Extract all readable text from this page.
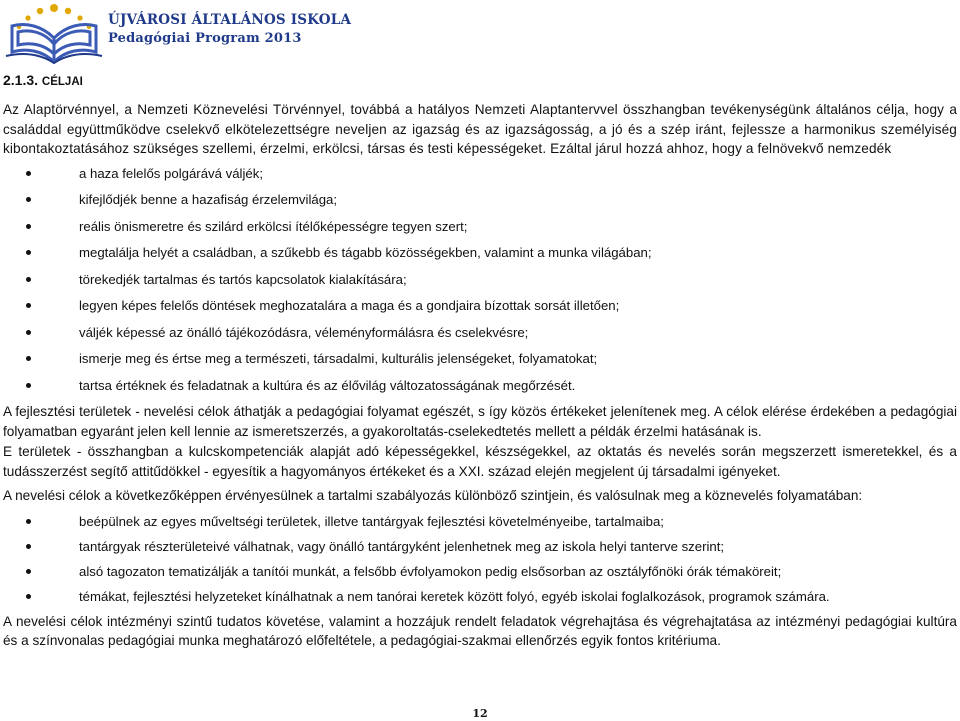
ÚJVÁROSI ÁLTALÁNOS ISKOLA
Pedagógiai Program 2013
2.1.3. CÉLJAI

Az Alaptörvénnyel, a Nemzeti Köznevelési Törvénnyel, továbbá a hatályos Nemzeti Alaptantervvel összhangban tevékenységünk általános célja, hogy a családdal együttműködve cselekvő elkötelezettségre neveljen az igazság és az igazságosság, a jó és a szép iránt, fejlessze a harmonikus személyiség kibontakoztatásához szükséges szellemi, érzelmi, erkölcsi, társas és testi képességeket. Ezáltal járul hozzá ahhoz, hogy a felnövekvő nemzedék

a haza felelős polgárává váljék;
kifejlődjék benne a hazafiság érzelemvilága;
reális önismeretre és szilárd erkölcsi ítélőképességre tegyen szert;
megtalálja helyét a családban, a szűkebb és tágabb közösségekben, valamint a munka világában;
törekedjék tartalmas és tartós kapcsolatok kialakítására;
legyen képes felelős döntések meghozatalára a maga és a gondjaira bízottak sorsát illetően;
váljék képessé az önálló tájékozódásra, véleményformálásra és cselekvésre;
ismerje meg és értse meg a természeti, társadalmi, kulturális jelenségeket, folyamatokat;
tartsa értéknek és feladatnak a kultúra és az élővilág változatosságának megőrzését.

A fejlesztési területek - nevelési célok áthatják a pedagógiai folyamat egészét, s így közös értékeket jelenítenek meg. A célok elérése érdekében a pedagógiai folyamatban egyaránt jelen kell lennie az ismeretszerzés, a gyakoroltatás-cselekedtetés mellett a példák érzelmi hatásának is.

E területek - összhangban a kulcskompetenciák alapját adó képességekkel, készségekkel, az oktatás és nevelés során megszerzett ismeretekkel, és a tudásszerzést segítő attitűdökkel - egyesítik a hagyományos értékeket és a XXI. század elején megjelent új társadalmi igényeket.

A nevelési célok a következőképpen érvényesülnek a tartalmi szabályozás különböző szintjein, és valósulnak meg a köznevelés folyamatában:

beépülnek az egyes műveltségi területek, illetve tantárgyak fejlesztési követelményeibe, tartalmaiba;
tantárgyak részterületeivé válhatnak, vagy önálló tantárgyként jelenhetnek meg az iskola helyi tanterve szerint;
alsó tagozaton tematizálják a tanítói munkát, a felsőbb évfolyamokon pedig elsősorban az osztályfőnöki órák témaköreit;
témákat, fejlesztési helyzeteket kínálhatnak a nem tanórai keretek között folyó, egyéb iskolai foglalkozások, programok számára.

A nevelési célok intézményi szintű tudatos követése, valamint a hozzájuk rendelt feladatok végrehajtása és végrehajtatása az intézményi pedagógiai kultúra és a színvonalas pedagógiai munka meghatározó előfeltétele, a pedagógiai-szakmai ellenőrzés egyik fontos kritériuma.

12
